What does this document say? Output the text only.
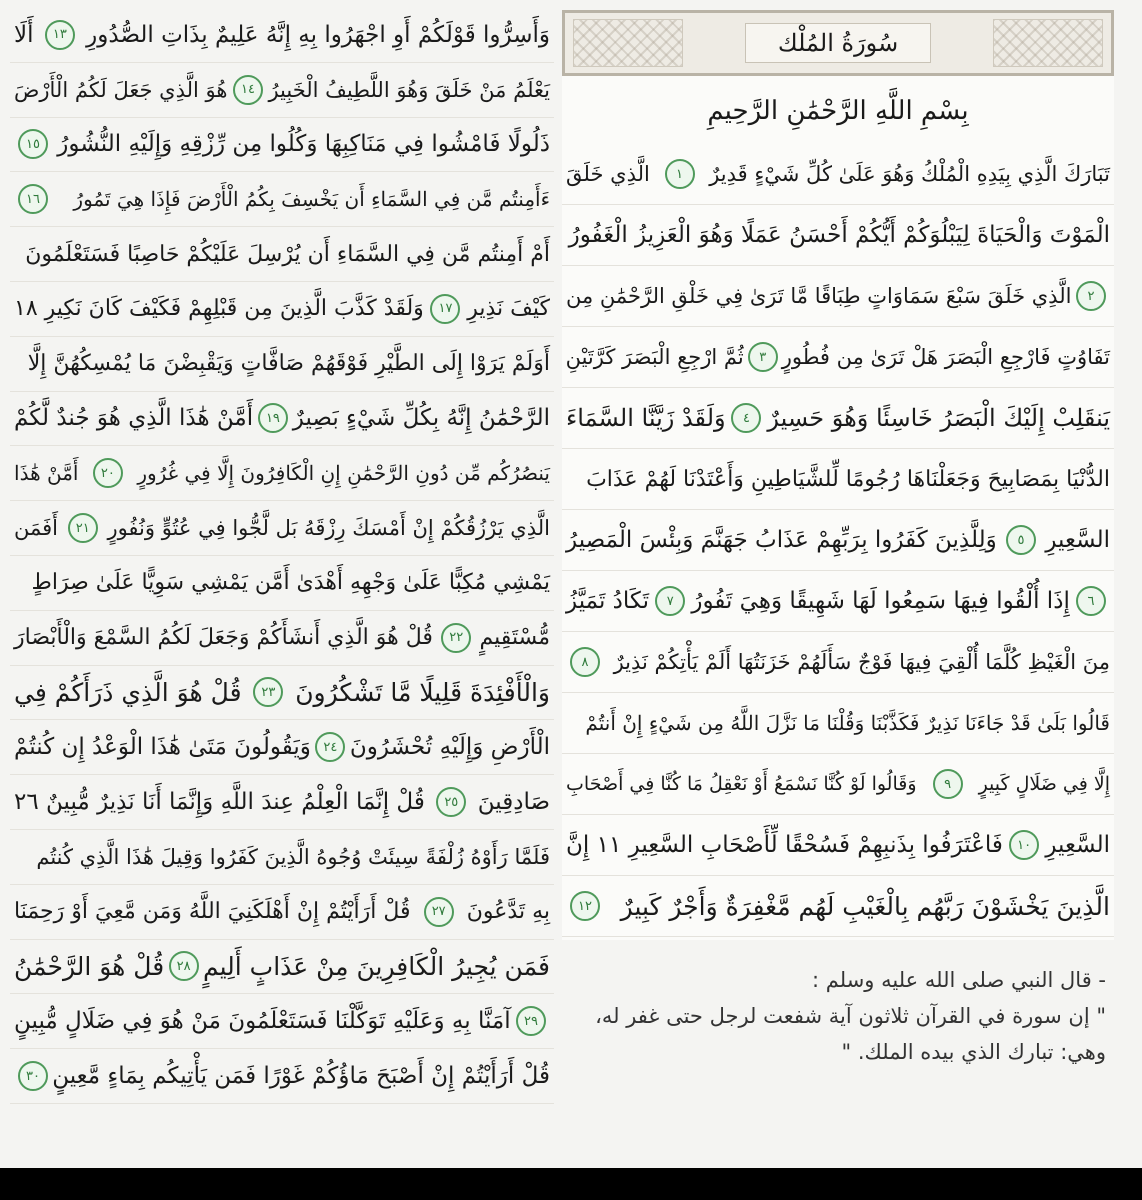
وَأَسِرُّوا قَوْلَكُمْ أَوِ اجْهَرُوا بِهِ إِنَّهُ عَلِيمٌ بِذَاتِ الصُّدُورِ
١٣
أَلَا
يَعْلَمُ مَنْ خَلَقَ وَهُوَ اللَّطِيفُ الْخَبِيرُ
١٤
هُوَ الَّذِي جَعَلَ لَكُمُ الْأَرْضَ
ذَلُولًا فَامْشُوا فِي مَنَاكِبِهَا وَكُلُوا مِن رِّزْقِهِ وَإِلَيْهِ النُّشُورُ
١٥
ءَأَمِنتُم مَّن فِي السَّمَاءِ أَن يَخْسِفَ بِكُمُ الْأَرْضَ فَإِذَا هِيَ تَمُورُ
١٦
أَمْ أَمِنتُم مَّن فِي السَّمَاءِ أَن يُرْسِلَ عَلَيْكُمْ حَاصِبًا فَسَتَعْلَمُونَ
كَيْفَ نَذِيرِ
١٧
وَلَقَدْ كَذَّبَ الَّذِينَ مِن قَبْلِهِمْ فَكَيْفَ كَانَ نَكِيرِ ١٨
أَوَلَمْ يَرَوْا إِلَى الطَّيْرِ فَوْقَهُمْ صَافَّاتٍ وَيَقْبِضْنَ مَا يُمْسِكُهُنَّ إِلَّا
الرَّحْمَٰنُ إِنَّهُ بِكُلِّ شَيْءٍ بَصِيرٌ
١٩
أَمَّنْ هَٰذَا الَّذِي هُوَ جُندٌ لَّكُمْ
يَنصُرُكُم مِّن دُونِ الرَّحْمَٰنِ إِنِ الْكَافِرُونَ إِلَّا فِي غُرُورٍ
٢٠
أَمَّنْ هَٰذَا
الَّذِي يَرْزُقُكُمْ إِنْ أَمْسَكَ رِزْقَهُ بَل لَّجُّوا فِي عُتُوٍّ وَنُفُورٍ
٢١
أَفَمَن
يَمْشِي مُكِبًّا عَلَىٰ وَجْهِهِ أَهْدَىٰ أَمَّن يَمْشِي سَوِيًّا عَلَىٰ صِرَاطٍ
مُّسْتَقِيمٍ
٢٢
قُلْ هُوَ الَّذِي أَنشَأَكُمْ وَجَعَلَ لَكُمُ السَّمْعَ وَالْأَبْصَارَ
وَالْأَفْئِدَةَ قَلِيلًا مَّا تَشْكُرُونَ
٢٣
قُلْ هُوَ الَّذِي ذَرَأَكُمْ فِي
الْأَرْضِ وَإِلَيْهِ تُحْشَرُونَ
٢٤
وَيَقُولُونَ مَتَىٰ هَٰذَا الْوَعْدُ إِن كُنتُمْ
صَادِقِينَ
٢٥
قُلْ إِنَّمَا الْعِلْمُ عِندَ اللَّهِ وَإِنَّمَا أَنَا نَذِيرٌ مُّبِينٌ ٢٦
فَلَمَّا رَأَوْهُ زُلْفَةً سِيئَتْ وُجُوهُ الَّذِينَ كَفَرُوا وَقِيلَ هَٰذَا الَّذِي كُنتُم
بِهِ تَدَّعُونَ
٢٧
قُلْ أَرَأَيْتُمْ إِنْ أَهْلَكَنِيَ اللَّهُ وَمَن مَّعِيَ أَوْ رَحِمَنَا
فَمَن يُجِيرُ الْكَافِرِينَ مِنْ عَذَابٍ أَلِيمٍ
٢٨
قُلْ هُوَ الرَّحْمَٰنُ
٢٩
آمَنَّا بِهِ وَعَلَيْهِ تَوَكَّلْنَا فَسَتَعْلَمُونَ مَنْ هُوَ فِي ضَلَالٍ مُّبِينٍ
قُلْ أَرَأَيْتُمْ إِنْ أَصْبَحَ مَاؤُكُمْ غَوْرًا فَمَن يَأْتِيكُم بِمَاءٍ مَّعِينٍ
٣٠
سُورَةُ المُلْك
بِسْمِ اللَّهِ الرَّحْمَٰنِ الرَّحِيمِ
تَبَارَكَ الَّذِي بِيَدِهِ الْمُلْكُ وَهُوَ عَلَىٰ كُلِّ شَيْءٍ قَدِيرٌ
١
الَّذِي خَلَقَ
الْمَوْتَ وَالْحَيَاةَ لِيَبْلُوَكُمْ أَيُّكُمْ أَحْسَنُ عَمَلًا وَهُوَ الْعَزِيزُ الْغَفُورُ
٢
الَّذِي خَلَقَ سَبْعَ سَمَاوَاتٍ طِبَاقًا مَّا تَرَىٰ فِي خَلْقِ الرَّحْمَٰنِ مِن
تَفَاوُتٍ فَارْجِعِ الْبَصَرَ هَلْ تَرَىٰ مِن فُطُورٍ
٣
ثُمَّ ارْجِعِ الْبَصَرَ كَرَّتَيْنِ
يَنقَلِبْ إِلَيْكَ الْبَصَرُ خَاسِئًا وَهُوَ حَسِيرٌ
٤
وَلَقَدْ زَيَّنَّا السَّمَاءَ
الدُّنْيَا بِمَصَابِيحَ وَجَعَلْنَاهَا رُجُومًا لِّلشَّيَاطِينِ وَأَعْتَدْنَا لَهُمْ عَذَابَ
السَّعِيرِ
٥
وَلِلَّذِينَ كَفَرُوا بِرَبِّهِمْ عَذَابُ جَهَنَّمَ وَبِئْسَ الْمَصِيرُ
٦
إِذَا أُلْقُوا فِيهَا سَمِعُوا لَهَا شَهِيقًا وَهِيَ تَفُورُ
٧
تَكَادُ تَمَيَّزُ
مِنَ الْغَيْظِ كُلَّمَا أُلْقِيَ فِيهَا فَوْجٌ سَأَلَهُمْ خَزَنَتُهَا أَلَمْ يَأْتِكُمْ نَذِيرٌ
٨
قَالُوا بَلَىٰ قَدْ جَاءَنَا نَذِيرٌ فَكَذَّبْنَا وَقُلْنَا مَا نَزَّلَ اللَّهُ مِن شَيْءٍ إِنْ أَنتُمْ
إِلَّا فِي ضَلَالٍ كَبِيرٍ
٩
وَقَالُوا لَوْ كُنَّا نَسْمَعُ أَوْ نَعْقِلُ مَا كُنَّا فِي أَصْحَابِ
السَّعِيرِ
١٠
فَاعْتَرَفُوا بِذَنبِهِمْ فَسُحْقًا لِّأَصْحَابِ السَّعِيرِ ١١ إِنَّ
الَّذِينَ يَخْشَوْنَ رَبَّهُم بِالْغَيْبِ لَهُم مَّغْفِرَةٌ وَأَجْرٌ كَبِيرٌ
١٢
- قال النبي صلى الله عليه وسلم :
" إن سورة في القرآن ثلاثون آية شفعت لرجل حتى غفر له،
وهي: تبارك الذي بيده الملك. "
